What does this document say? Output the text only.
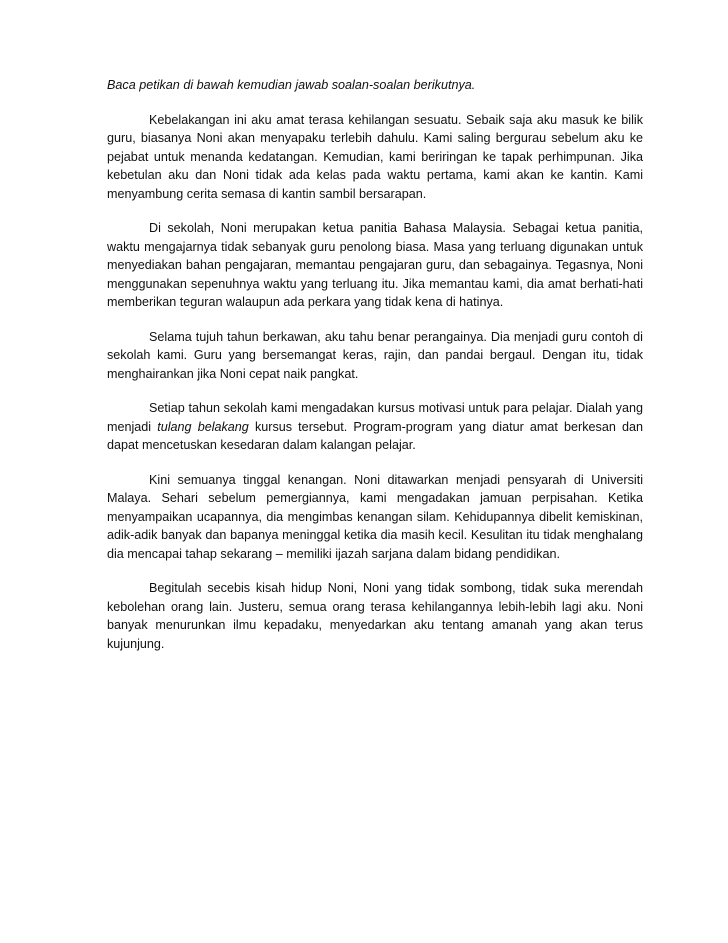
Baca petikan di bawah kemudian jawab soalan-soalan berikutnya.

Kebelakangan ini aku amat terasa kehilangan sesuatu. Sebaik saja aku masuk ke bilik guru, biasanya Noni akan menyapaku terlebih dahulu. Kami saling bergurau sebelum aku ke pejabat untuk menanda kedatangan. Kemudian, kami beriringan ke tapak perhimpunan. Jika kebetulan aku dan Noni tidak ada kelas pada waktu pertama, kami akan ke kantin. Kami menyambung cerita semasa di kantin sambil bersarapan.

Di sekolah, Noni merupakan ketua panitia Bahasa Malaysia. Sebagai ketua panitia, waktu mengajarnya tidak sebanyak guru penolong biasa. Masa yang terluang digunakan untuk menyediakan bahan pengajaran, memantau pengajaran guru, dan sebagainya. Tegasnya, Noni menggunakan sepenuhnya waktu yang terluang itu. Jika memantau kami, dia amat berhati-hati memberikan teguran walaupun ada perkara yang tidak kena di hatinya.

Selama tujuh tahun berkawan, aku tahu benar perangainya. Dia menjadi guru contoh di sekolah kami. Guru yang bersemangat keras, rajin, dan pandai bergaul. Dengan itu, tidak menghairankan jika Noni cepat naik pangkat.

Setiap tahun sekolah kami mengadakan kursus motivasi untuk para pelajar. Dialah yang menjadi tulang belakang kursus tersebut. Program-program yang diatur amat berkesan dan dapat mencetuskan kesedaran dalam kalangan pelajar.

Kini semuanya tinggal kenangan. Noni ditawarkan menjadi pensyarah di Universiti Malaya. Sehari sebelum pemergiannya, kami mengadakan jamuan perpisahan. Ketika menyampaikan ucapannya, dia mengimbas kenangan silam. Kehidupannya dibelit kemiskinan, adik-adik banyak dan bapanya meninggal ketika dia masih kecil. Kesulitan itu tidak menghalang dia mencapai tahap sekarang – memiliki ijazah sarjana dalam bidang pendidikan.

Begitulah secebis kisah hidup Noni, Noni yang tidak sombong, tidak suka merendah kebolehan orang lain. Justeru, semua orang terasa kehilangannya lebih-lebih lagi aku. Noni banyak menurunkan ilmu kepadaku, menyedarkan aku tentang amanah yang akan terus kujunjung.
